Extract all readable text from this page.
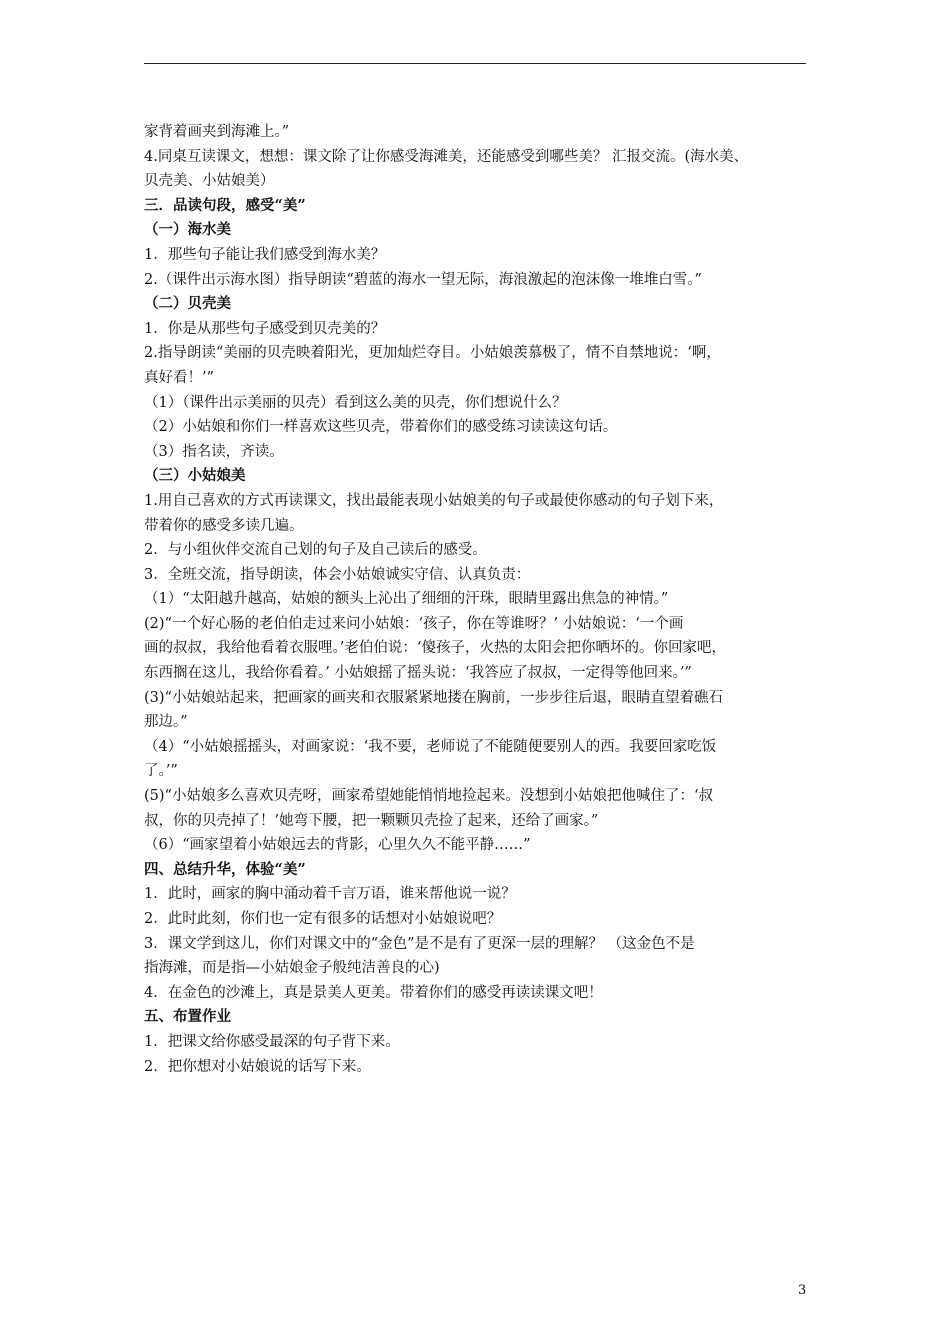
家背着画夹到海滩上。”
4.同桌互读课文，想想：课文除了让你感受海滩美，还能感受到哪些美？ 汇报交流。(海水美、
贝壳美、小姑娘美）
三．品读句段，感受“美”
（一）海水美
1．那些句子能让我们感受到海水美？
2.（课件出示海水图）指导朗读“碧蓝的海水一望无际，海浪激起的泡沫像一堆堆白雪。”
（二）贝壳美
1．你是从那些句子感受到贝壳美的？
2.指导朗读“美丽的贝壳映着阳光，更加灿烂夺目。小姑娘羡慕极了，情不自禁地说：‘啊，
真好看！’”
（1）（课件出示美丽的贝壳）看到这么美的贝壳，你们想说什么？
（2）小姑娘和你们一样喜欢这些贝壳，带着你们的感受练习读读这句话。
（3）指名读，齐读。
（三）小姑娘美
1.用自己喜欢的方式再读课文，找出最能表现小姑娘美的句子或最使你感动的句子划下来，
带着你的感受多读几遍。
2．与小组伙伴交流自己划的句子及自己读后的感受。
3．全班交流，指导朗读，体会小姑娘诚实守信、认真负责：
（1）“太阳越升越高，姑娘的额头上沁出了细细的汗珠，眼睛里露出焦急的神情。”
(2)“一个好心肠的老伯伯走过来问小姑娘：‘孩子，你在等谁呀？’ 小姑娘说：‘一个画
画的叔叔，我给他看着衣服哩。’老伯伯说：‘傻孩子，火热的太阳会把你晒坏的。你回家吧，
东西搁在这儿，我给你看着。’ 小姑娘摇了摇头说：‘我答应了叔叔，一定得等他回来。’”
(3)“小姑娘站起来，把画家的画夹和衣服紧紧地搂在胸前，一步步往后退，眼睛直望着礁石
那边。”
（4）“小姑娘摇摇头，对画家说：‘我不要，老师说了不能随便要别人的西。我要回家吃饭
了。’”
(5)“小姑娘多么喜欢贝壳呀，画家希望她能悄悄地捡起来。没想到小姑娘把他喊住了：‘叔
叔，你的贝壳掉了！’她弯下腰，把一颗颗贝壳捡了起来，还给了画家。”
（6）“画家望着小姑娘远去的背影，心里久久不能平静……”
四、总结升华，体验“美”
1．此时，画家的胸中涌动着千言万语，谁来帮他说一说？
2．此时此刻，你们也一定有很多的话想对小姑娘说吧？
3．课文学到这儿，你们对课文中的“金色”是不是有了更深一层的理解？ （这金色不是
指海滩，而是指—小姑娘金子般纯洁善良的心)
4．在金色的沙滩上，真是景美人更美。带着你们的感受再读读课文吧！
五、布置作业
1．把课文给你感受最深的句子背下来。
2．把你想对小姑娘说的话写下来。
3
